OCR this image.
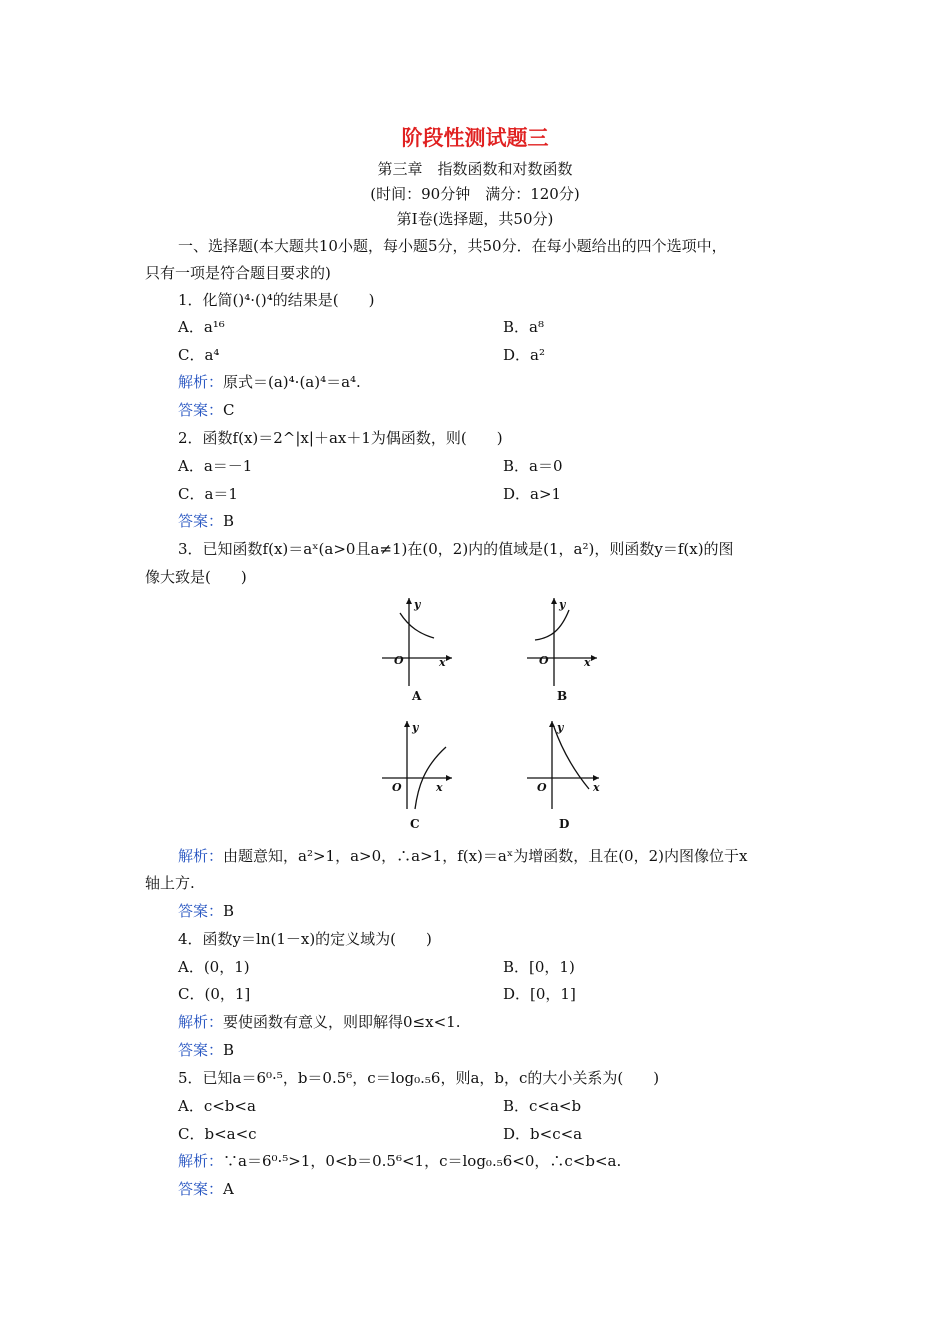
阶段性测试题三
第三章　指数函数和对数函数
(时间：90分钟　满分：120分)
第Ⅰ卷(选择题，共50分)
一、选择题(本大题共10小题，每小题5分，共50分．在每小题给出的四个选项中，
只有一项是符合题目要求的)
1．化简()⁴·()⁴的结果是(　　)
A．a¹⁶	B．a⁸
C．a⁴	D．a²
解析：原式＝(a)⁴·(a)⁴＝a⁴.
答案：C
2．函数f(x)＝2^|x|＋ax＋1为偶函数，则(　　)
A．a＝－1	B．a＝0
C．a＝1	D．a>1
答案：B
3．已知函数f(x)＝aˣ(a>0且a≠1)在(0，2)内的值域是(1，a²)，则函数y＝f(x)的图
像大致是(　　)
y
x
O
A
y
x
O
B
y
x
O
C
y
x
O
D
解析：由题意知，a²>1，a>0，∴a>1，f(x)＝aˣ为增函数，且在(0，2)内图像位于x
轴上方.
答案：B
4．函数y＝ln(1－x)的定义域为(　　)
A．(0，1)	B．[0，1)
C．(0，1]	D．[0，1]
解析：要使函数有意义，则即解得0≤x<1.
答案：B
5．已知a＝6⁰·⁵，b＝0.5⁶，c＝log₀.₅6，则a，b，c的大小关系为(　　)
A．c<b<a	B．c<a<b
C．b<a<c	D．b<c<a
解析：∵a＝6⁰·⁵>1，0<b＝0.5⁶<1，c＝log₀.₅6<0，∴c<b<a.
答案：A
